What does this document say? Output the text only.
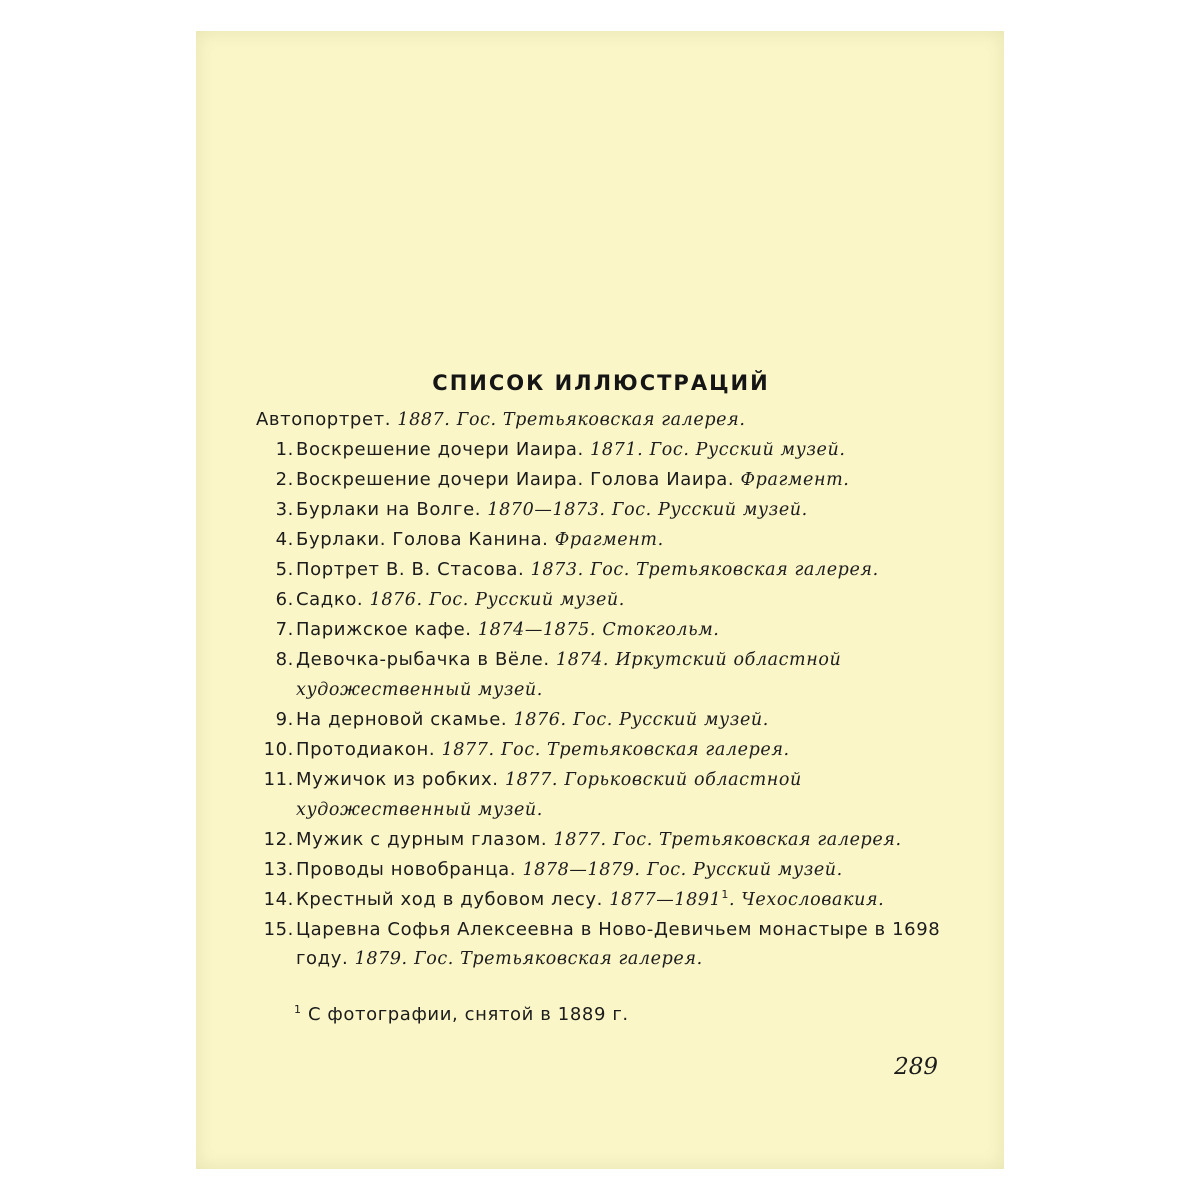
СПИСОК ИЛЛЮСТРАЦИЙ
Автопортрет. 1887. Гос. Третьяковская галерея.
1. Воскрешение дочери Иаира. 1871. Гос. Русский музей.
2. Воскрешение дочери Иаира. Голова Иаира. Фрагмент.
3. Бурлаки на Волге. 1870—1873. Гос. Русский музей.
4. Бурлаки. Голова Канина. Фрагмент.
5. Портрет В. В. Стасова. 1873. Гос. Третьяковская галерея.
6. Садко. 1876. Гос. Русский музей.
7. Парижское кафе. 1874—1875. Стокгольм.
8. Девочка-рыбачка в Вёле. 1874. Иркутский областной художественный музей.
9. На дерновой скамье. 1876. Гос. Русский музей.
10. Протодиакон. 1877. Гос. Третьяковская галерея.
11. Мужичок из робких. 1877. Горьковский областной художественный музей.
12. Мужик с дурным глазом. 1877. Гос. Третьяковская галерея.
13. Проводы новобранца. 1878—1879. Гос. Русский музей.
14. Крестный ход в дубовом лесу. 1877—1891$^1$. Чехословакия.
15. Царевна Софья Алексеевна в Ново-Девичьем монастыре в 1698 году. 1879. Гос. Третьяковская галерея.
$^1$ С фотографии, снятой в 1889 г.
289
